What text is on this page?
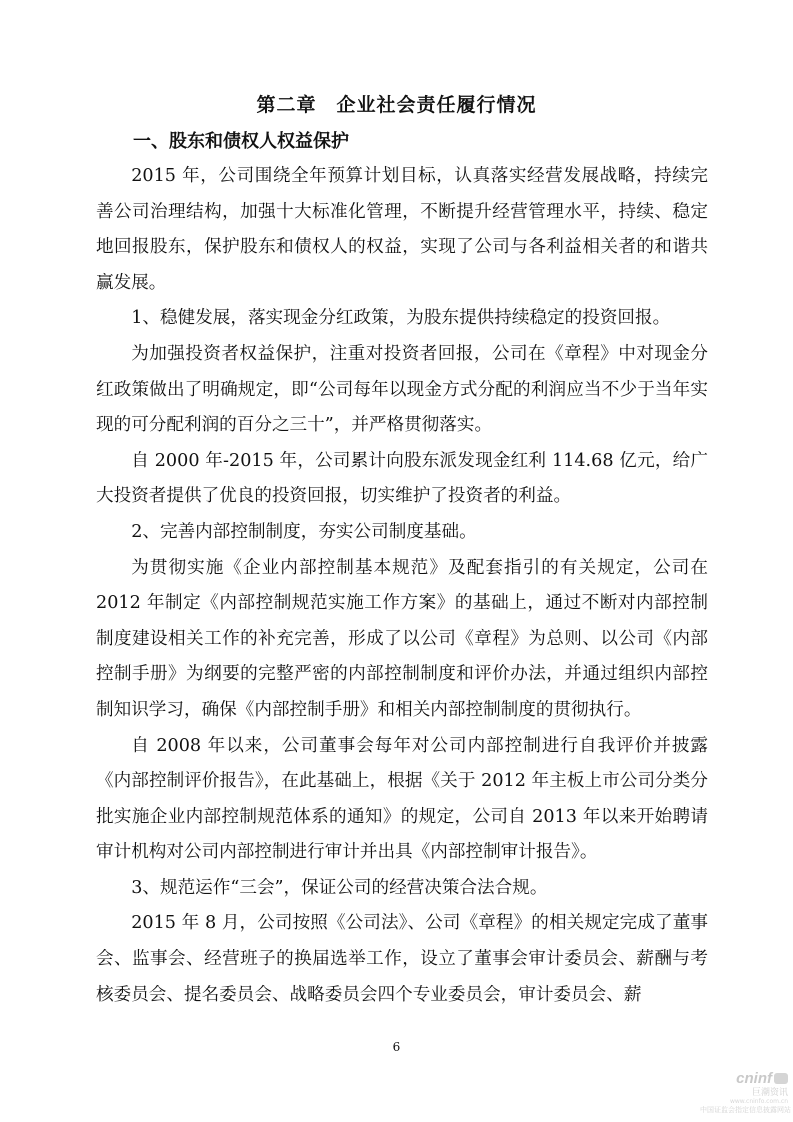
第二章　企业社会责任履行情况
一、股东和债权人权益保护

2015 年，公司围绕全年预算计划目标，认真落实经营发展战略，持续完善公司治理结构，加强十大标准化管理，不断提升经营管理水平，持续、稳定地回报股东，保护股东和债权人的权益，实现了公司与各利益相关者的和谐共赢发展。

1、稳健发展，落实现金分红政策，为股东提供持续稳定的投资回报。

为加强投资者权益保护，注重对投资者回报，公司在《章程》中对现金分红政策做出了明确规定，即“公司每年以现金方式分配的利润应当不少于当年实现的可分配利润的百分之三十”，并严格贯彻落实。

自 2000 年-2015 年，公司累计向股东派发现金红利 114.68 亿元，给广大投资者提供了优良的投资回报，切实维护了投资者的利益。

2、完善内部控制制度，夯实公司制度基础。

为贯彻实施《企业内部控制基本规范》及配套指引的有关规定，公司在 2012 年制定《内部控制规范实施工作方案》的基础上，通过不断对内部控制制度建设相关工作的补充完善，形成了以公司《章程》为总则、以公司《内部控制手册》为纲要的完整严密的内部控制制度和评价办法，并通过组织内部控制知识学习，确保《内部控制手册》和相关内部控制制度的贯彻执行。

自 2008 年以来，公司董事会每年对公司内部控制进行自我评价并披露《内部控制评价报告》，在此基础上，根据《关于 2012 年主板上市公司分类分批实施企业内部控制规范体系的通知》的规定，公司自 2013 年以来开始聘请审计机构对公司内部控制进行审计并出具《内部控制审计报告》。

3、规范运作“三会”，保证公司的经营决策合法合规。

2015 年 8 月，公司按照《公司法》、公司《章程》的相关规定完成了董事会、监事会、经营班子的换届选举工作，设立了董事会审计委员会、薪酬与考核委员会、提名委员会、战略委员会四个专业委员会，审计委员会、薪

6

cninf
巨潮资讯
www.cninfo.com.cn
中国证监会指定信息披露网站
